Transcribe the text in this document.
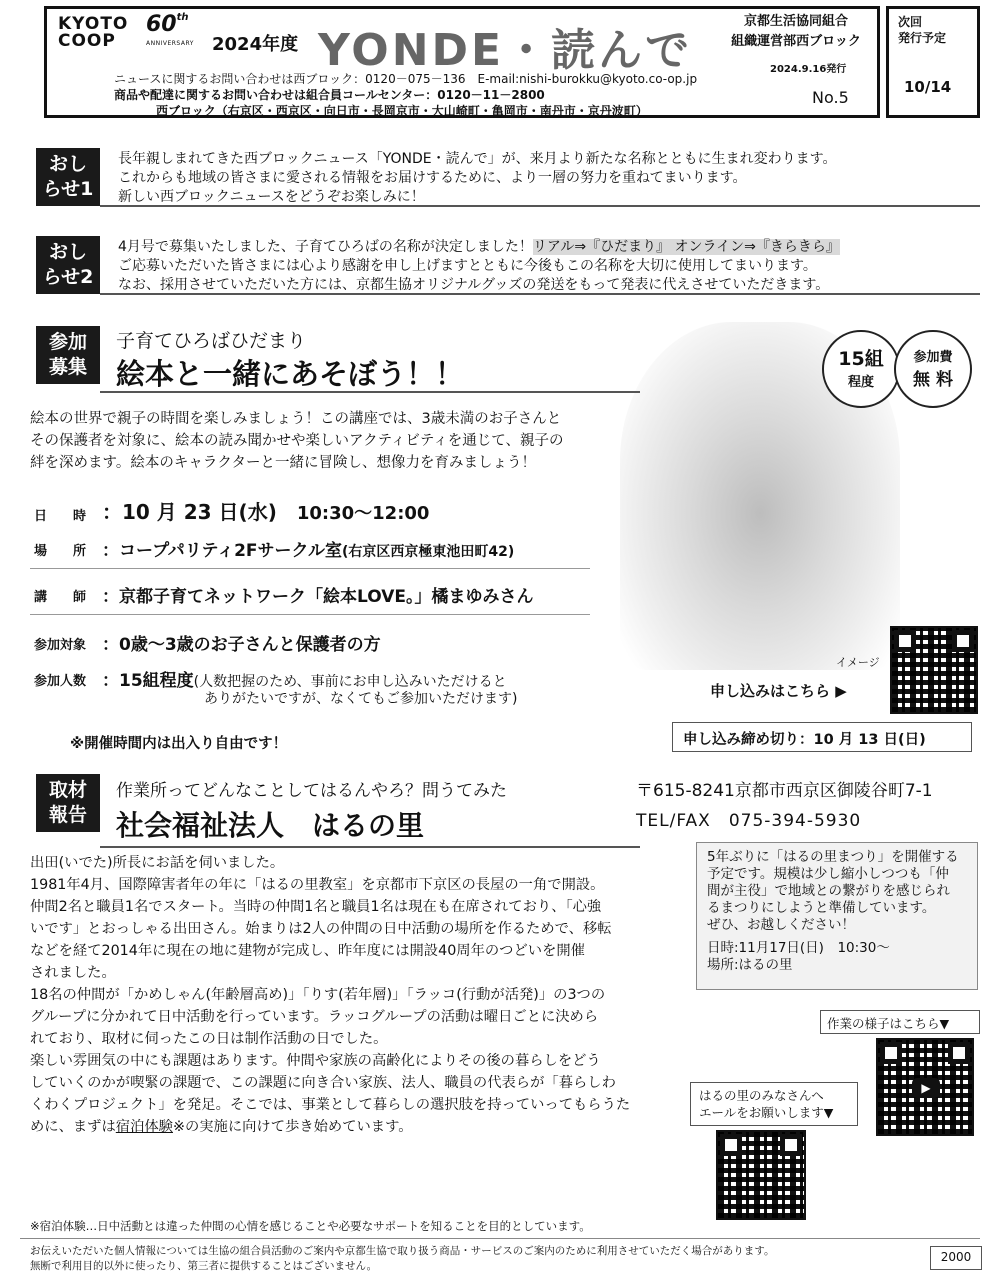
KYOTO
COOP
60th
ANNIVERSARY 2024年度 YONDE・読んで
京都生活協同組合
組織運営部西ブロック
ニュースに関するお問い合わせは西ブロック：0120－075－136　E-mail:nishi-burokku@kyoto.co-op.jp
商品や配達に関するお問い合わせは組合員コールセンター：0120－11－2800
西ブロック（右京区・西京区・向日市・長岡京市・大山崎町・亀岡市・南丹市・京丹波町）
2024.9.16発行
No.5
次回
発行予定
10/14
おし
らせ1
長年親しまれてきた西ブロックニュース「YONDE・読んで」が、来月より新たな名称とともに生まれ変わります。
これからも地域の皆さまに愛される情報をお届けするために、より一層の努力を重ねてまいります。
新しい西ブロックニュースをどうぞお楽しみに！
おし
らせ2
4月号で募集いたしました、子育てひろばの名称が決定しました！リアル⇒『ひだまり』 オンライン⇒『きらきら』
ご応募いただいた皆さまには心より感謝を申し上げますとともに今後もこの名称を大切に使用してまいります。
なお、採用させていただいた方には、京都生協オリジナルグッズの発送をもって発表に代えさせていただきます。
参加
募集
子育てひろばひだまり
絵本と一緒にあそぼう！！	15組
程度
参加費
無 料
絵本の世界で親子の時間を楽しみましょう！この講座では、3歳未満のお子さんと
その保護者を対象に、絵本の読み聞かせや楽しいアクティビティを通じて、親子の
絆を深めます。絵本のキャラクターと一緒に冒険し、想像力を育みましょう！
日　　時 ：10 月 23 日(水)　 10:30～12:00
場　　所 ：コープパリティ2Fサークル室(右京区西京極東池田町42)
講　　師 ：京都子育てネットワーク「絵本LOVE。」橘まゆみさん
参加対象 ：0歳～3歳のお子さんと保護者の方
参加人数 ：15組程度(人数把握のため、事前にお申し込みいただけると
ありがたいですが、なくてもご参加いただけます)
※開催時間内は出入り自由です！
イメージ
申し込みはこちら ▶
申し込み締め切り：10 月 13 日(日)
取材
報告
作業所ってどんなことしてはるんやろ？問うてみた
社会福祉法人　はるの里
〒615-8241京都市西京区御陵谷町7-1
TEL/FAX　075-394-5930
出田(いでた)所長にお話を伺いました。
1981年4月、国際障害者年の年に「はるの里教室」を京都市下京区の長屋の一角で開設。
仲間2名と職員1名でスタート。当時の仲間1名と職員1名は現在も在席されており、「心強
いです」とおっしゃる出田さん。始まりは2人の仲間の日中活動の場所を作るためで、移転
などを経て2014年に現在の地に建物が完成し、昨年度には開設40周年のつどいを開催
されました。
18名の仲間が「かめしゃん(年齢層高め)」「りす(若年層)」「ラッコ(行動が活発)」の3つの
グループに分かれて日中活動を行っています。ラッコグループの活動は曜日ごとに決めら
れており、取材に伺ったこの日は制作活動の日でした。
楽しい雰囲気の中にも課題はあります。仲間や家族の高齢化によりその後の暮らしをどう
していくのかが喫緊の課題で、この課題に向き合い家族、法人、職員の代表らが「暮らしわ
くわくプロジェクト」を発足。そこでは、事業として暮らしの選択肢を持っていってもらうた
めに、まずは宿泊体験※の実施に向けて歩き始めています。
※宿泊体験…日中活動とは違った仲間の心情を感じることや必要なサポートを知ることを目的としています。
5年ぶりに「はるの里まつり」を開催する
予定です。規模は少し縮小しつつも「仲
間が主役」で地域との繋がりを感じられ
るまつりにしようと準備しています。
ぜひ、お越しください！
日時:11月17日(日)　10:30～
場所:はるの里
作業の様子はこちら▼
▶
はるの里のみなさんへ
エールをお願いします▼
お伝えいただいた個人情報については生協の組合員活動のご案内や京都生協で取り扱う商品・サービスのご案内のために利用させていただく場合があります。
無断で利用目的以外に使ったり、第三者に提供することはございません。
2000
